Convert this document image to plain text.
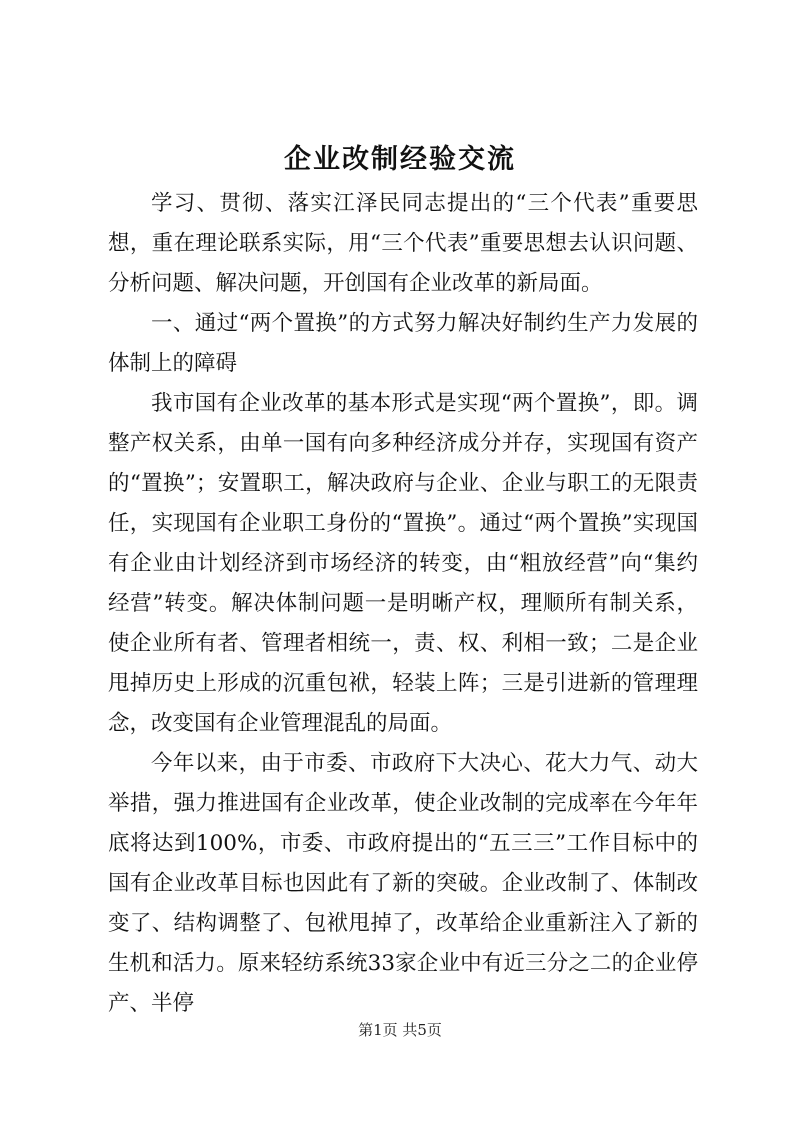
企业改制经验交流

学习、贯彻、落实江泽民同志提出的“三个代表”重要思想，重在理论联系实际，用“三个代表”重要思想去认识问题、分析问题、解决问题，开创国有企业改革的新局面。

一、通过“两个置换”的方式努力解决好制约生产力发展的体制上的障碍

我市国有企业改革的基本形式是实现“两个置换”，即。调整产权关系，由单一国有向多种经济成分并存，实现国有资产的“置换”；安置职工，解决政府与企业、企业与职工的无限责任，实现国有企业职工身份的“置换”。通过“两个置换”实现国有企业由计划经济到市场经济的转变，由“粗放经营”向“集约经营”转变。解决体制问题一是明晰产权，理顺所有制关系，使企业所有者、管理者相统一，责、权、利相一致；二是企业甩掉历史上形成的沉重包袱，轻装上阵；三是引进新的管理理念，改变国有企业管理混乱的局面。

今年以来，由于市委、市政府下大决心、花大力气、动大举措，强力推进国有企业改革，使企业改制的完成率在今年年底将达到100%，市委、市政府提出的“五三三”工作目标中的国有企业改革目标也因此有了新的突破。企业改制了、体制改变了、结构调整了、包袱甩掉了，改革给企业重新注入了新的生机和活力。原来轻纺系统33家企业中有近三分之二的企业停产、半停

第1页 共5页
